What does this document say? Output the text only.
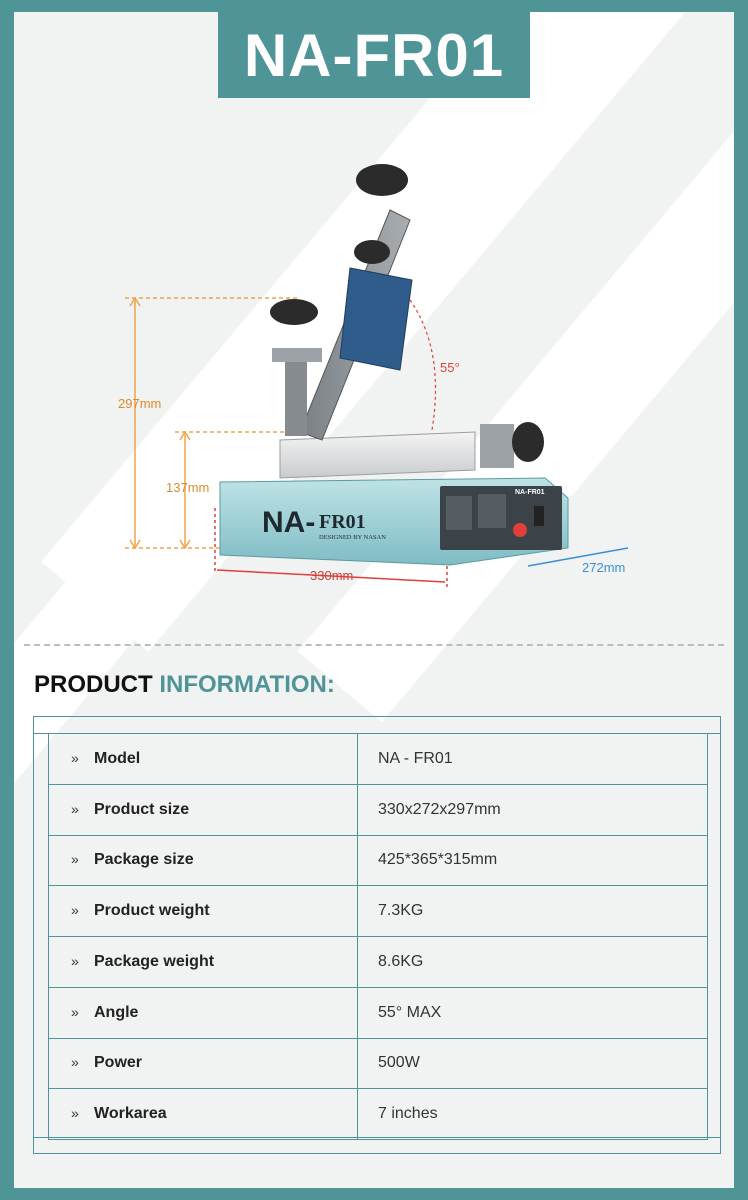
NA-FR01
297mm
137mm
330mm
272mm
55°
NA- FR01
DESIGNED BY NASAN
NA-FR01
PRODUCT INFORMATION:
» Model	NA - FR01
» Product size	330x272x297mm
» Package size	425*365*315mm
» Product weight	7.3KG
» Package weight	8.6KG
» Angle	55° MAX
» Power	500W
» Workarea	7 inches
